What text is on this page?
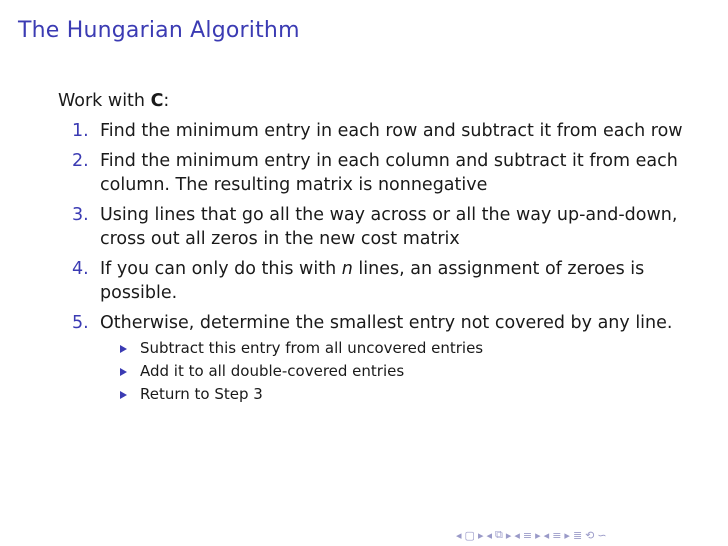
The Hungarian Algorithm

Work with C:

1. Find the minimum entry in each row and subtract it from each row
2. Find the minimum entry in each column and subtract it from each column. The resulting matrix is nonnegative
3. Using lines that go all the way across or all the way up-and-down, cross out all zeros in the new cost matrix
4. If you can only do this with n lines, an assignment of zeroes is possible.
5. Otherwise, determine the smallest entry not covered by any line.
Subtract this entry from all uncovered entries
Add it to all double-covered entries
Return to Step 3
◂ ▢ ▸ ◂ ⧉ ▸ ◂ ≡ ▸ ◂ ≡ ▸ ≣ ⟲ ∽
